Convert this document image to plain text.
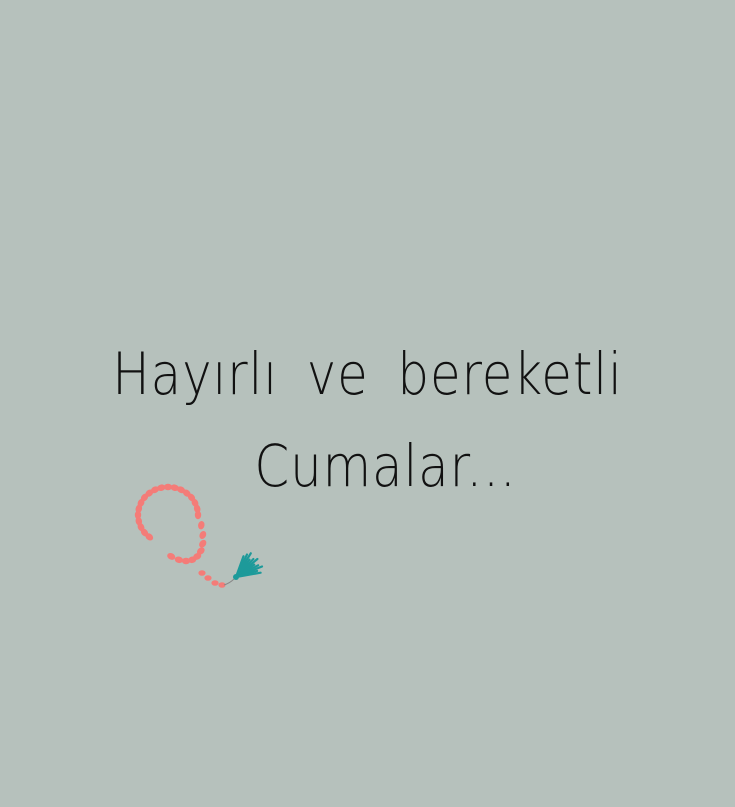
Hayırlı ve bereketli
Cumalar...
